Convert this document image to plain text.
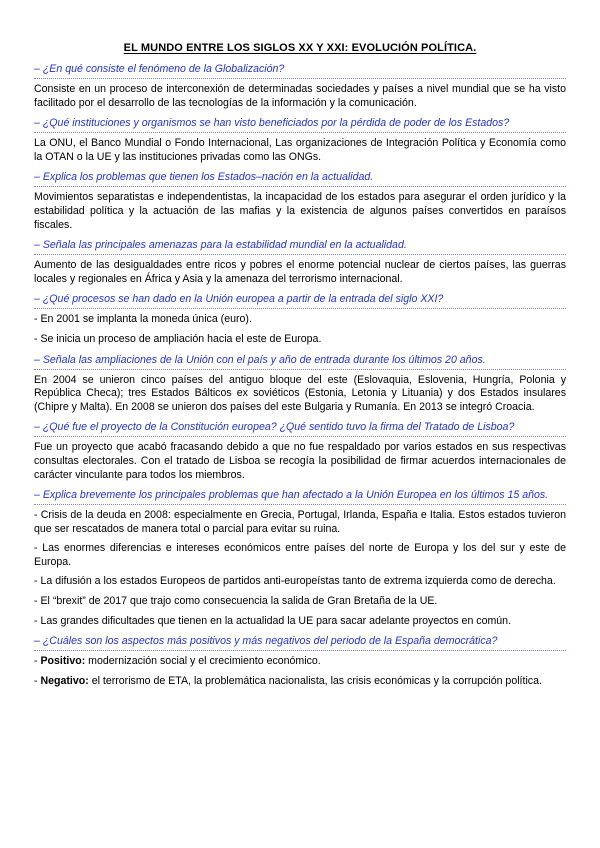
EL MUNDO ENTRE LOS SIGLOS XX Y XXI: EVOLUCIÓN POLÍTICA.
– ¿En qué consiste el fenómeno de la Globalización?
Consiste en un proceso de interconexión de determinadas sociedades y países a nivel mundial que se ha visto facilitado por el desarrollo de las tecnologías de la información y la comunicación.
– ¿Qué instituciones y organismos se han visto beneficiados por la pérdida de poder de los Estados?
La ONU, el Banco Mundial o Fondo Internacional, Las organizaciones de Integración Política y Economía como la OTAN o la UE y las instituciones privadas como las ONGs.
– Explica los problemas que tienen los Estados–nación en la actualidad.
Movimientos separatistas e independentistas, la incapacidad de los estados para asegurar el orden jurídico y la estabilidad política y la actuación de las mafias y la existencia de algunos países convertidos en paraísos fiscales.
– Señala las principales amenazas para la estabilidad mundial en la actualidad.
Aumento de las desigualdades entre ricos y pobres el enorme potencial nuclear de ciertos países, las guerras locales y regionales en África y Asia y la amenaza del terrorismo internacional.
– ¿Qué procesos se han dado en la Unión europea a partir de la entrada del siglo XXI?
- En 2001 se implanta la moneda única (euro).
- Se inicia un proceso de ampliación hacia el este de Europa.
– Señala las ampliaciones de la Unión con el país y año de entrada durante los últimos 20 años.
En 2004 se unieron cinco países del antiguo bloque del este (Eslovaquia, Eslovenia, Hungría, Polonia y República Checa); tres Estados Bálticos ex soviéticos (Estonia, Letonia y Lituania) y dos Estados insulares (Chipre y Malta). En 2008 se unieron dos países del este Bulgaria y Rumanía. En 2013 se integró Croacia.
– ¿Qué fue el proyecto de la Constitución europea? ¿Qué sentido tuvo la firma del Tratado de Lisboa?
Fue un proyecto que acabó fracasando debido a que no fue respaldado por varios estados en sus respectivas consultas electorales. Con el tratado de Lisboa se recogía la posibilidad de firmar acuerdos internacionales de carácter vinculante para todos los miembros.
– Explica brevemente los principales problemas que han afectado a la Unión Europea en los últimos 15 años.
- Crisis de la deuda en 2008: especialmente en Grecia, Portugal, Irlanda, España e Italia. Estos estados tuvieron que ser rescatados de manera total o parcial para evitar su ruina.
- Las enormes diferencias e intereses económicos entre países del norte de Europa y los del sur y este de Europa.
- La difusión a los estados Europeos de partidos anti-europeístas tanto de extrema izquierda como de derecha.
- El “brexit” de 2017 que trajo como consecuencia la salida de Gran Bretaña de la UE.
- Las grandes dificultades que tienen en la actualidad la UE para sacar adelante proyectos en común.
– ¿Cuáles son los aspectos más positivos y más negativos del periodo de la España democrática?
- Positivo: modernización social y el crecimiento económico.
- Negativo: el terrorismo de ETA, la problemática nacionalista, las crisis económicas y la corrupción política.
